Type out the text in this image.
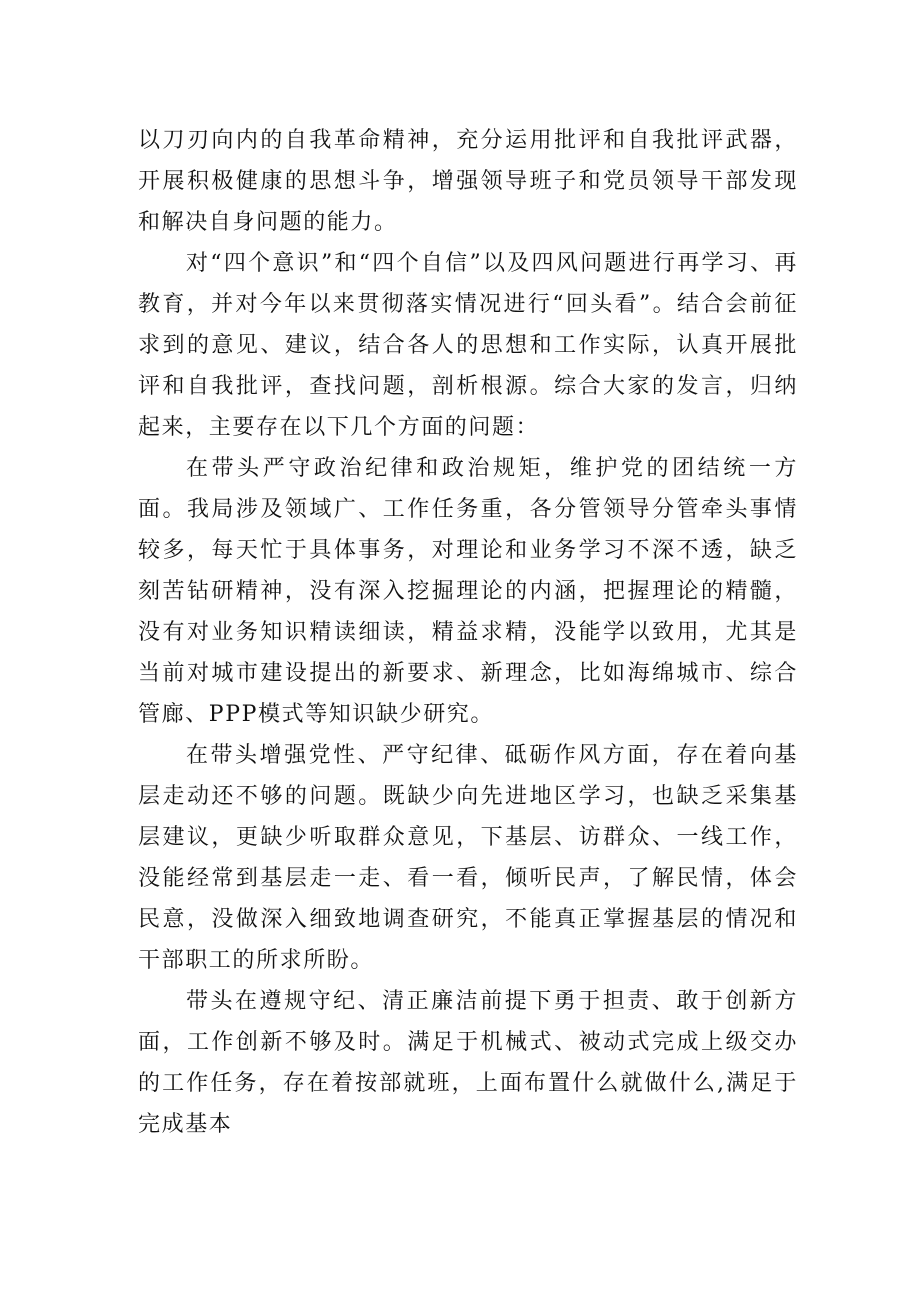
以刀刃向内的自我革命精神，充分运用批评和自我批评武器，开展积极健康的思想斗争，增强领导班子和党员领导干部发现和解决自身问题的能力。

对“四个意识”和“四个自信”以及四风问题进行再学习、再教育，并对今年以来贯彻落实情况进行“回头看”。结合会前征求到的意见、建议，结合各人的思想和工作实际，认真开展批评和自我批评，查找问题，剖析根源。综合大家的发言，归纳起来，主要存在以下几个方面的问题：

在带头严守政治纪律和政治规矩，维护党的团结统一方面。我局涉及领域广、工作任务重，各分管领导分管牵头事情较多，每天忙于具体事务，对理论和业务学习不深不透，缺乏刻苦钻研精神，没有深入挖掘理论的内涵，把握理论的精髓，没有对业务知识精读细读，精益求精，没能学以致用，尤其是当前对城市建设提出的新要求、新理念，比如海绵城市、综合管廊、PPP模式等知识缺少研究。

在带头增强党性、严守纪律、砥砺作风方面，存在着向基层走动还不够的问题。既缺少向先进地区学习，也缺乏采集基层建议，更缺少听取群众意见，下基层、访群众、一线工作，没能经常到基层走一走、看一看，倾听民声，了解民情，体会民意，没做深入细致地调查研究，不能真正掌握基层的情况和干部职工的所求所盼。

带头在遵规守纪、清正廉洁前提下勇于担责、敢于创新方面，工作创新不够及时。满足于机械式、被动式完成上级交办的工作任务，存在着按部就班，上面布置什么就做什么,满足于完成基本
